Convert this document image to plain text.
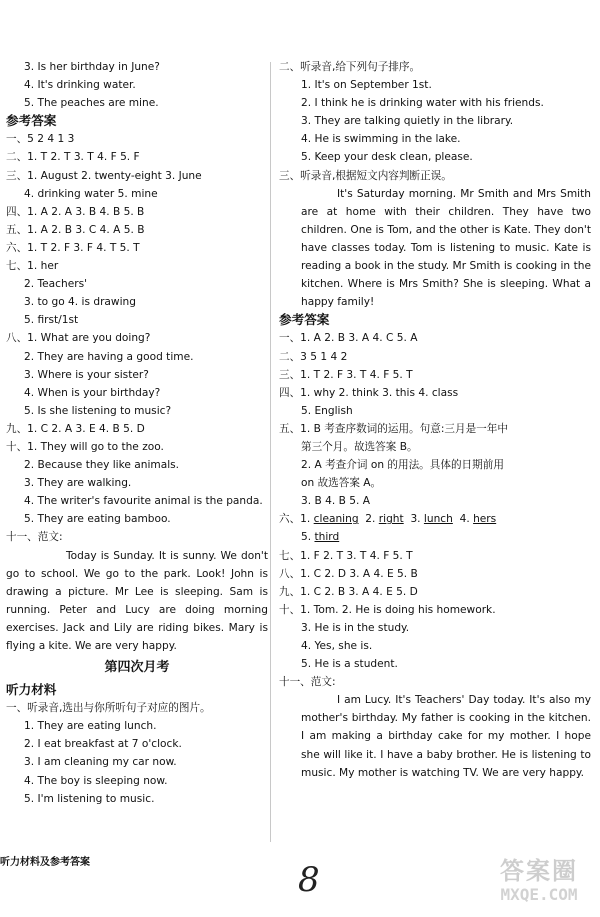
3. Is her birthday in June?
4. It's drinking water.
5. The peaches are mine.
参考答案
一、5 2 4 1 3
二、1. T 2. T 3. T 4. F 5. F
三、1. August 2. twenty-eight 3. June
4. drinking water 5. mine
四、1. A 2. A 3. B 4. B 5. B
五、1. A 2. B 3. C 4. A 5. B
六、1. T 2. F 3. F 4. T 5. T
七、1. her
2. Teachers'
3. to go 4. is drawing
5. first/1st
八、1. What are you doing?
2. They are having a good time.
3. Where is your sister?
4. When is your birthday?
5. Is she listening to music?
九、1. C 2. A 3. E 4. B 5. D
十、1. They will go to the zoo.
2. Because they like animals.
3. They are walking.
4. The writer's favourite animal is the panda.
5. They are eating bamboo.
十一、范文:
Today is Sunday. It is sunny. We don't go to school. We go to the park. Look! John is drawing a picture. Mr Lee is sleeping. Sam is running. Peter and Lucy are doing morning exercises. Jack and Lily are riding bikes. Mary is flying a kite. We are very happy.
第四次月考
听力材料
一、听录音,选出与你所听句子对应的图片。
1. They are eating lunch.
2. I eat breakfast at 7 o'clock.
3. I am cleaning my car now.
4. The boy is sleeping now.
5. I'm listening to music.
二、听录音,给下列句子排序。
1. It's on September 1st.
2. I think he is drinking water with his friends.
3. They are talking quietly in the library.
4. He is swimming in the lake.
5. Keep your desk clean, please.
三、听录音,根据短文内容判断正误。
It's Saturday morning. Mr Smith and Mrs Smith are at home with their children. They have two children. One is Tom, and the other is Kate. They don't have classes today. Tom is listening to music. Kate is reading a book in the study. Mr Smith is cooking in the kitchen. Where is Mrs Smith? She is sleeping. What a happy family!
参考答案
一、1. A 2. B 3. A 4. C 5. A
二、3 5 1 4 2
三、1. T 2. F 3. T 4. F 5. T
四、1. why 2. think 3. this 4. class
5. English
五、1. B 考查序数词的运用。句意:三月是一年中
第三个月。故选答案 B。
2. A 考查介词 on 的用法。具体的日期前用
on 故选答案 A。
3. B 4. B 5. A
六、1. cleaning 2. right 3. lunch 4. hers
5. third
七、1. F 2. T 3. T 4. F 5. T
八、1. C 2. D 3. A 4. E 5. B
九、1. C 2. B 3. A 4. E 5. D
十、1. Tom. 2. He is doing his homework.
3. He is in the study.
4. Yes, she is.
5. He is a student.
十一、范文:
I am Lucy. It's Teachers' Day today. It's also my mother's birthday. My father is cooking in the kitchen. I am making a birthday cake for my mother. I hope she will like it. I have a baby brother. He is listening to music. My mother is watching TV. We are very happy.
听力材料及参考答案	8	答案圈
MXQE.COM
